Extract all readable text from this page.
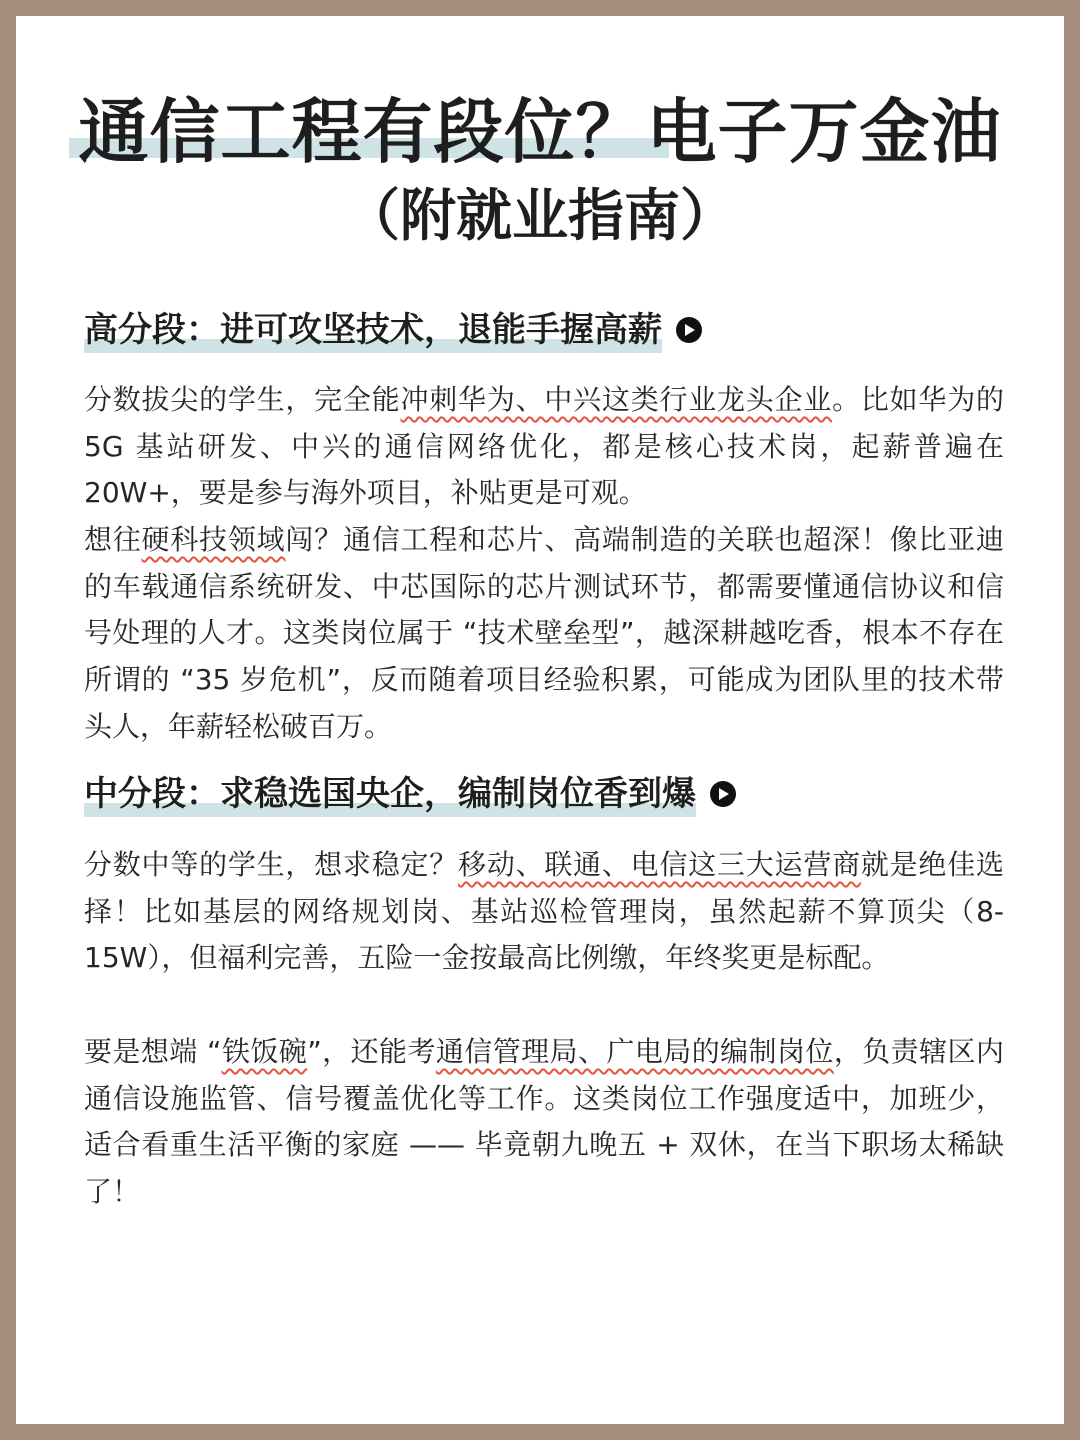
通信工程有段位？电子万金油
（附就业指南）
高分段：进可攻坚技术，退能手握高薪

分数拔尖的学生，完全能冲刺华为、中兴这类行业龙头企业。比如华为的 5G 基站研发、中兴的通信网络优化，都是核心技术岗，起薪普遍在 20W+，要是参与海外项目，补贴更是可观。

想往硬科技领域闯？通信工程和芯片、高端制造的关联也超深！像比亚迪的车载通信系统研发、中芯国际的芯片测试环节，都需要懂通信协议和信号处理的人才。这类岗位属于 “技术壁垒型”，越深耕越吃香，根本不存在所谓的 “35 岁危机”，反而随着项目经验积累，可能成为团队里的技术带头人，年薪轻松破百万。

中分段：求稳选国央企，编制岗位香到爆

分数中等的学生，想求稳定？移动、联通、电信这三大运营商就是绝佳选择！比如基层的网络规划岗、基站巡检管理岗，虽然起薪不算顶尖（8-15W），但福利完善，五险一金按最高比例缴，年终奖更是标配。

要是想端 “铁饭碗”，还能考通信管理局、广电局的编制岗位，负责辖区内通信设施监管、信号覆盖优化等工作。这类岗位工作强度适中，加班少，适合看重生活平衡的家庭 —— 毕竟朝九晚五 + 双休，在当下职场太稀缺了！
